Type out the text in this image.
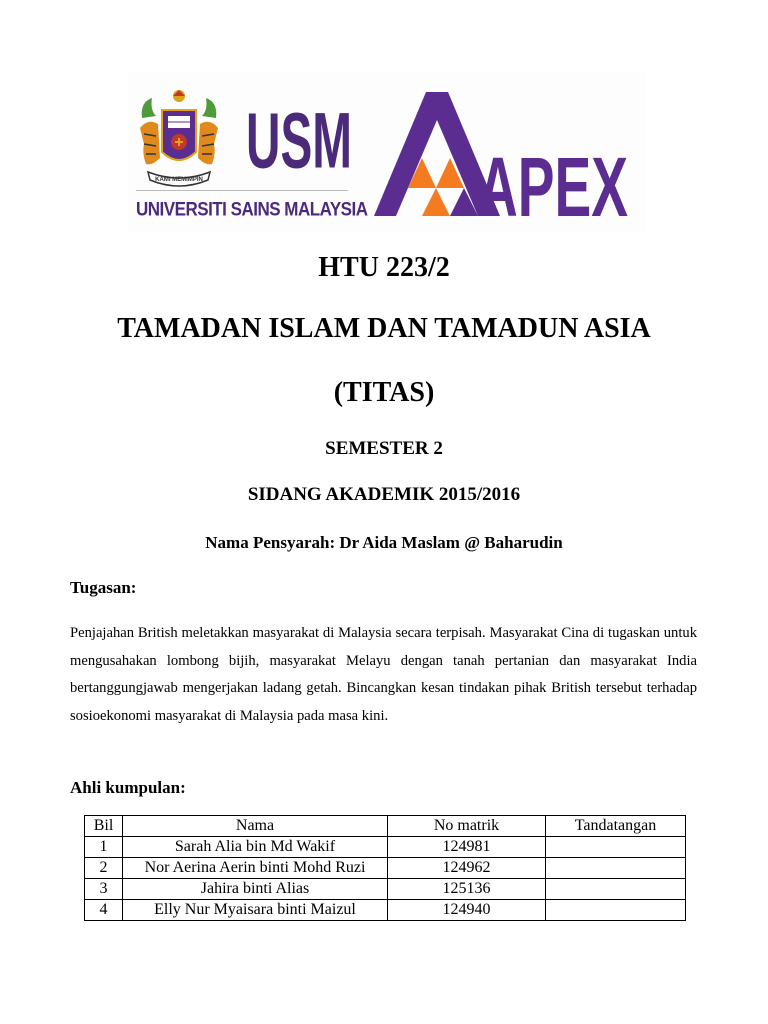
KAMI MEMIMPIN USM
UNIVERSITI SAINS MALAYSIA APEX
HTU 223/2
TAMADAN ISLAM DAN TAMADUN ASIA
(TITAS)
SEMESTER 2
SIDANG AKADEMIK 2015/2016
Nama Pensyarah: Dr Aida Maslam @ Baharudin
Tugasan:
Penjajahan British meletakkan masyarakat di Malaysia secara terpisah. Masyarakat Cina di tugaskan untuk mengusahakan lombong bijih, masyarakat Melayu dengan tanah pertanian dan masyarakat India bertanggungjawab mengerjakan ladang getah. Bincangkan kesan tindakan pihak British tersebut terhadap sosioekonomi masyarakat di Malaysia pada masa kini.
Ahli kumpulan:
Bil	Nama	No matrik	Tandatangan
1	Sarah Alia bin Md Wakif	124981	
2	Nor Aerina Aerin binti Mohd Ruzi	124962	
3	Jahira binti Alias	125136	
4	Elly Nur Myaisara binti Maizul	124940	
